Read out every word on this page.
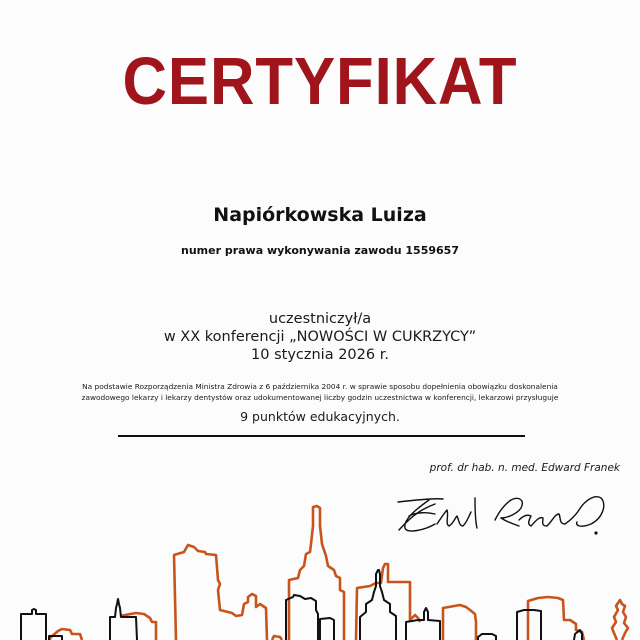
CERTYFIKAT
Napiórkowska Luiza
numer prawa wykonywania zawodu 1559657
uczestniczył/a
w XX konferencji „NOWOŚCI W CUKRZYCY”
10 stycznia 2026 r.
Na podstawie Rozporządzenia Ministra Zdrowia z 6 października 2004 r. w sprawie sposobu dopełnienia obowiązku doskonalenia
zawodowego lekarzy i lekarzy dentystów oraz udokumentowanej liczby godzin uczestnictwa w konferencji, lekarzowi przysługuje
9 punktów edukacyjnych.
prof. dr hab. n. med. Edward Franek
